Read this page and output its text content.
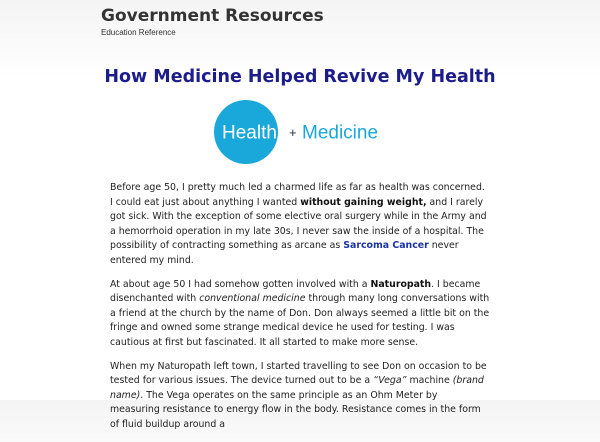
Government Resources
Education Reference
How Medicine Helped Revive My Health
Health + Medicine

Before age 50, I pretty much led a charmed life as far as health was concerned. I could eat just about anything I wanted without gaining weight, and I rarely got sick. With the exception of some elective oral surgery while in the Army and a hemorrhoid operation in my late 30s, I never saw the inside of a hospital. The possibility of contracting something as arcane as Sarcoma Cancer never entered my mind.

At about age 50 I had somehow gotten involved with a Naturopath. I became disenchanted with conventional medicine through many long conversations with a friend at the church by the name of Don. Don always seemed a little bit on the fringe and owned some strange medical device he used for testing. I was cautious at first but fascinated. It all started to make more sense.

When my Naturopath left town, I started travelling to see Don on occasion to be tested for various issues. The device turned out to be a “Vega” machine (brand name). The Vega operates on the same principle as an Ohm Meter by measuring resistance to energy flow in the body. Resistance comes in the form of fluid buildup around a
